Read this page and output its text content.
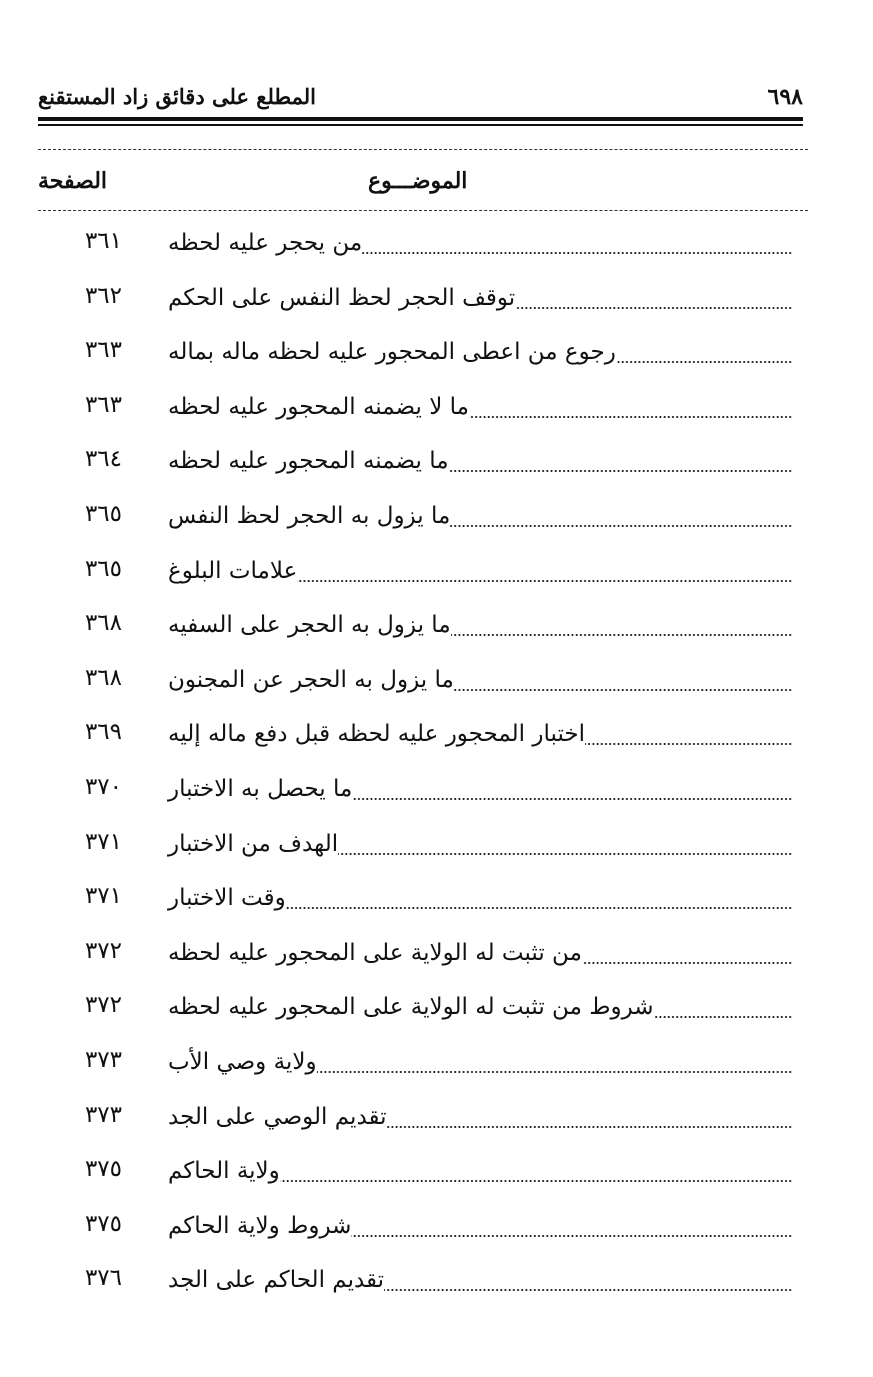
المطلع على دقائق زاد المستقنع	٦٩٨
الصفحة	الموضـــوع
٣٦١	من يحجر عليه لحظه
٣٦٢	توقف الحجر لحظ النفس على الحكم
٣٦٣	رجوع من اعطى المحجور عليه لحظه ماله بماله
٣٦٣	ما لا يضمنه المحجور عليه لحظه
٣٦٤	ما يضمنه المحجور عليه لحظه
٣٦٥	ما يزول به الحجر لحظ النفس
٣٦٥	علامات البلوغ
٣٦٨	ما يزول به الحجر على السفيه
٣٦٨	ما يزول به الحجر عن المجنون
٣٦٩	اختبار المحجور عليه لحظه قبل دفع ماله إليه
٣٧٠	ما يحصل به الاختبار
٣٧١	الهدف من الاختبار
٣٧١	وقت الاختبار
٣٧٢	من تثبت له الولاية على المحجور عليه لحظه
٣٧٢	شروط من تثبت له الولاية على المحجور عليه لحظه
٣٧٣	ولاية وصي الأب
٣٧٣	تقديم الوصي على الجد
٣٧٥	ولاية الحاكم
٣٧٥	شروط ولاية الحاكم
٣٧٦	تقديم الحاكم على الجد
